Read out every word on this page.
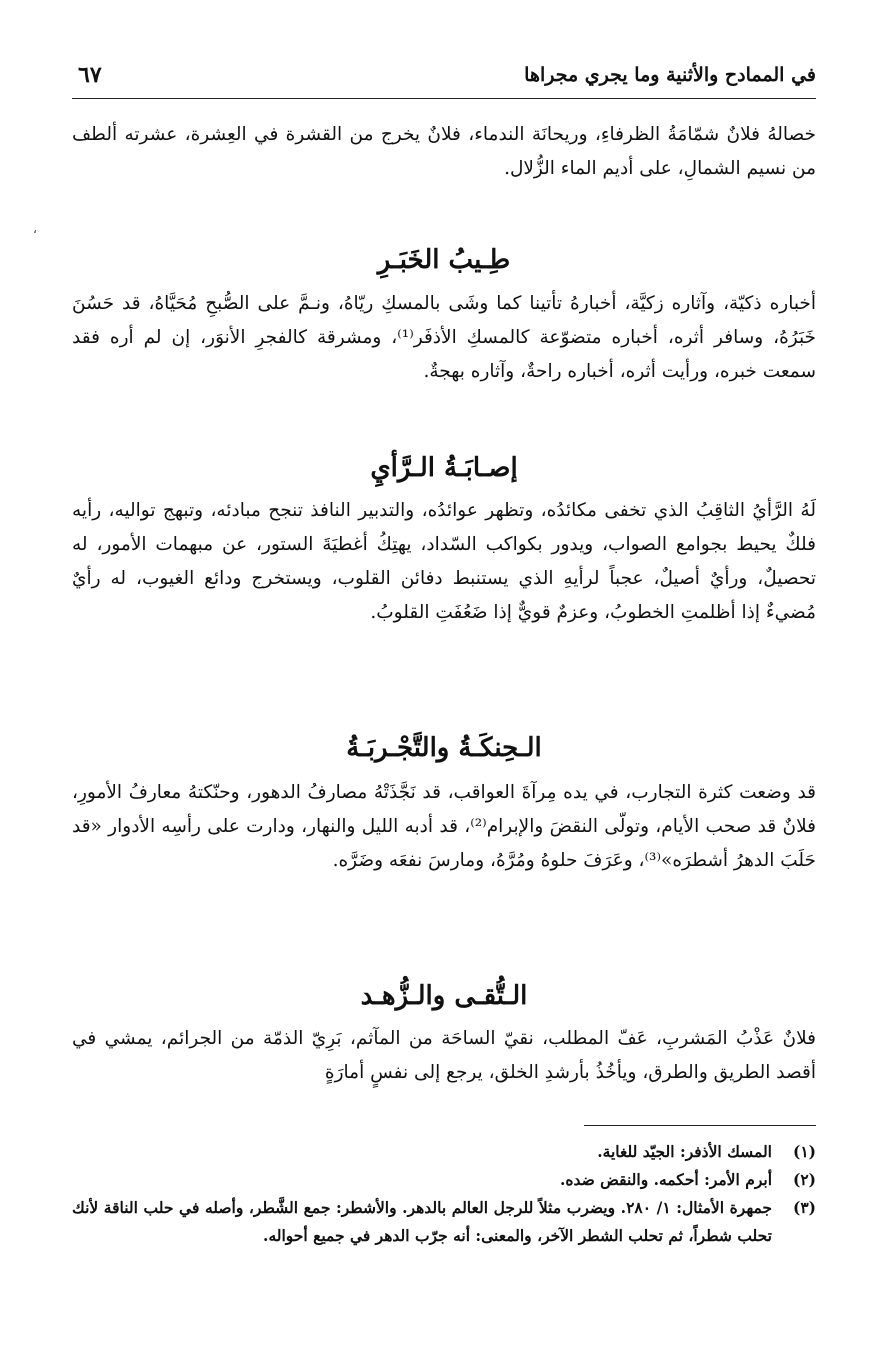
في الممادح والأثنية وما يجري مجراها
٦٧
،

خصالهُ فلانٌ شمّامَةُ الظرفاءِ، وريحانَة الندماء، فلانٌ يخرج من القشرة في العِشرة، عشرته ألطف من نسيم الشمالِ، على أديم الماء الزُّلال.

طِـيبُ الخَبَـرِ

أخباره ذكيّة، وآثاره زكيَّة، أخبارهُ تأتينا كما وشَى بالمسكِ ريّاهُ، ونـمَّ على الصُّبحِ مُحَيَّاهُ، قد حَسُنَ خَبَرُهُ، وسافر أثره، أخباره متضوّعة كالمسكِ الأذفَر⁽¹⁾، ومشرقة كالفجرِ الأنوَر، إن لم أره فقد سمعت خبره، ورأيت أثره، أخباره راحةٌ، وآثاره بهجةٌ.

إصـابَـةُ الـرَّأيِ

لَهُ الرَّأيُ الثاقِبُ الذي تخفى مكائدُه، وتظهر عوائدُه، والتدبير النافذ تنجح مبادئه، وتبهج تواليه، رأيه فلكٌ يحيط بجوامع الصواب، ويدور بكواكب السّداد، يهتِكُ أغطيَةَ الستور، عن مبهمات الأمور، له تحصيلٌ، ورأيٌ أصيلٌ، عجباً لرأيهِ الذي يستنبط دفائن القلوب، ويستخرج ودائع الغيوب، له رأيٌ مُضيءٌ إذا أظلمتِ الخطوبُ، وعزمٌ قويٌّ إذا ضَعُفَتِ القلوبُ.

الـحِنكَـةُ والتَّجْـربَـةُ

قد وضعت كثرة التجارب، في يده مِرآةَ العواقب، قد نَجَّذَتْهُ مصارفُ الدهور، وحنّكتهُ معارفُ الأمورِ، فلانٌ قد صحب الأيام، وتولّى النقضَ والإبرام⁽²⁾، قد أدبه الليل والنهار، ودارت على رأسِه الأدوار «قد حَلَبَ الدهرُ أشطرَه»⁽³⁾، وعَرَفَ حلوهُ ومُرَّهُ، ومارسَ نفعَه وضَرَّه.

الـتُّقـى والـزُّهـد

فلانٌ عَذْبُ المَشربِ، عَفّ المطلب، نقيّ الساحَة من المآثم، بَرِيّ الذمّة من الجرائم، يمشي في أقصد الطريق والطرق، ويأخُذُ بأرشدِ الخلق، يرجع إلى نفسٍ أمارَةٍ

(١)
المسك الأذفر: الجيّد للغاية.
(٢)
أبرم الأمر: أحكمه. والنقض ضده.
(٣)
جمهرة الأمثال: ١/ ٢٨٠. ويضرب مثلاً للرجل العالم بالدهر. والأشطر: جمع الشَّطر، وأصله في حلب الناقة لأنك تحلب شطراً، ثم تحلب الشطر الآخر، والمعنى: أنه جرّب الدهر في جميع أحواله.
